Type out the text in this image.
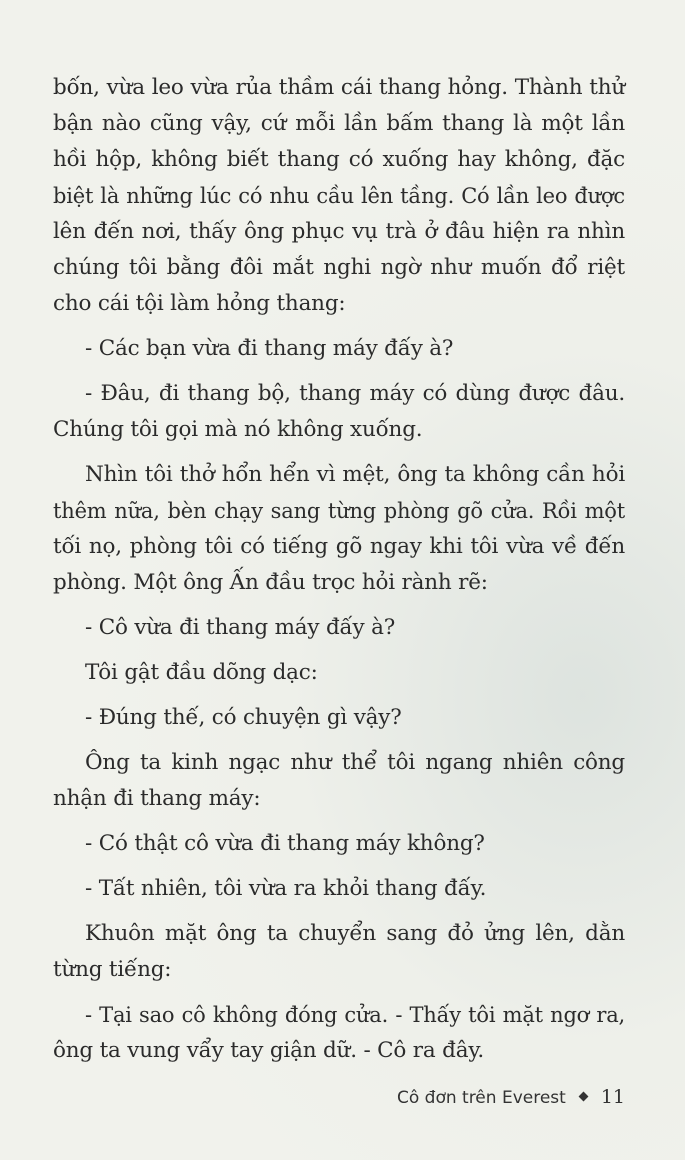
bốn, vừa leo vừa rủa thầm cái thang hỏng. Thành thử
bận nào cũng vậy, cứ mỗi lần bấm thang là một lần
hồi hộp, không biết thang có xuống hay không, đặc
biệt là những lúc có nhu cầu lên tầng. Có lần leo được
lên đến nơi, thấy ông phục vụ trà ở đâu hiện ra nhìn
chúng tôi bằng đôi mắt nghi ngờ như muốn đổ riệt
cho cái tội làm hỏng thang:
- Các bạn vừa đi thang máy đấy à?
- Đâu, đi thang bộ, thang máy có dùng được đâu.
Chúng tôi gọi mà nó không xuống.
Nhìn tôi thở hổn hển vì mệt, ông ta không cần hỏi
thêm nữa, bèn chạy sang từng phòng gõ cửa. Rồi một
tối nọ, phòng tôi có tiếng gõ ngay khi tôi vừa về đến
phòng. Một ông Ấn đầu trọc hỏi rành rẽ:
- Cô vừa đi thang máy đấy à?
Tôi gật đầu dõng dạc:
- Đúng thế, có chuyện gì vậy?
Ông ta kinh ngạc như thể tôi ngang nhiên công
nhận đi thang máy:
- Có thật cô vừa đi thang máy không?
- Tất nhiên, tôi vừa ra khỏi thang đấy.
Khuôn mặt ông ta chuyển sang đỏ ửng lên, dằn
từng tiếng:
- Tại sao cô không đóng cửa. - Thấy tôi mặt ngơ ra,
ông ta vung vẩy tay giận dữ. - Cô ra đây.
Cô đơn trên Everest 11
